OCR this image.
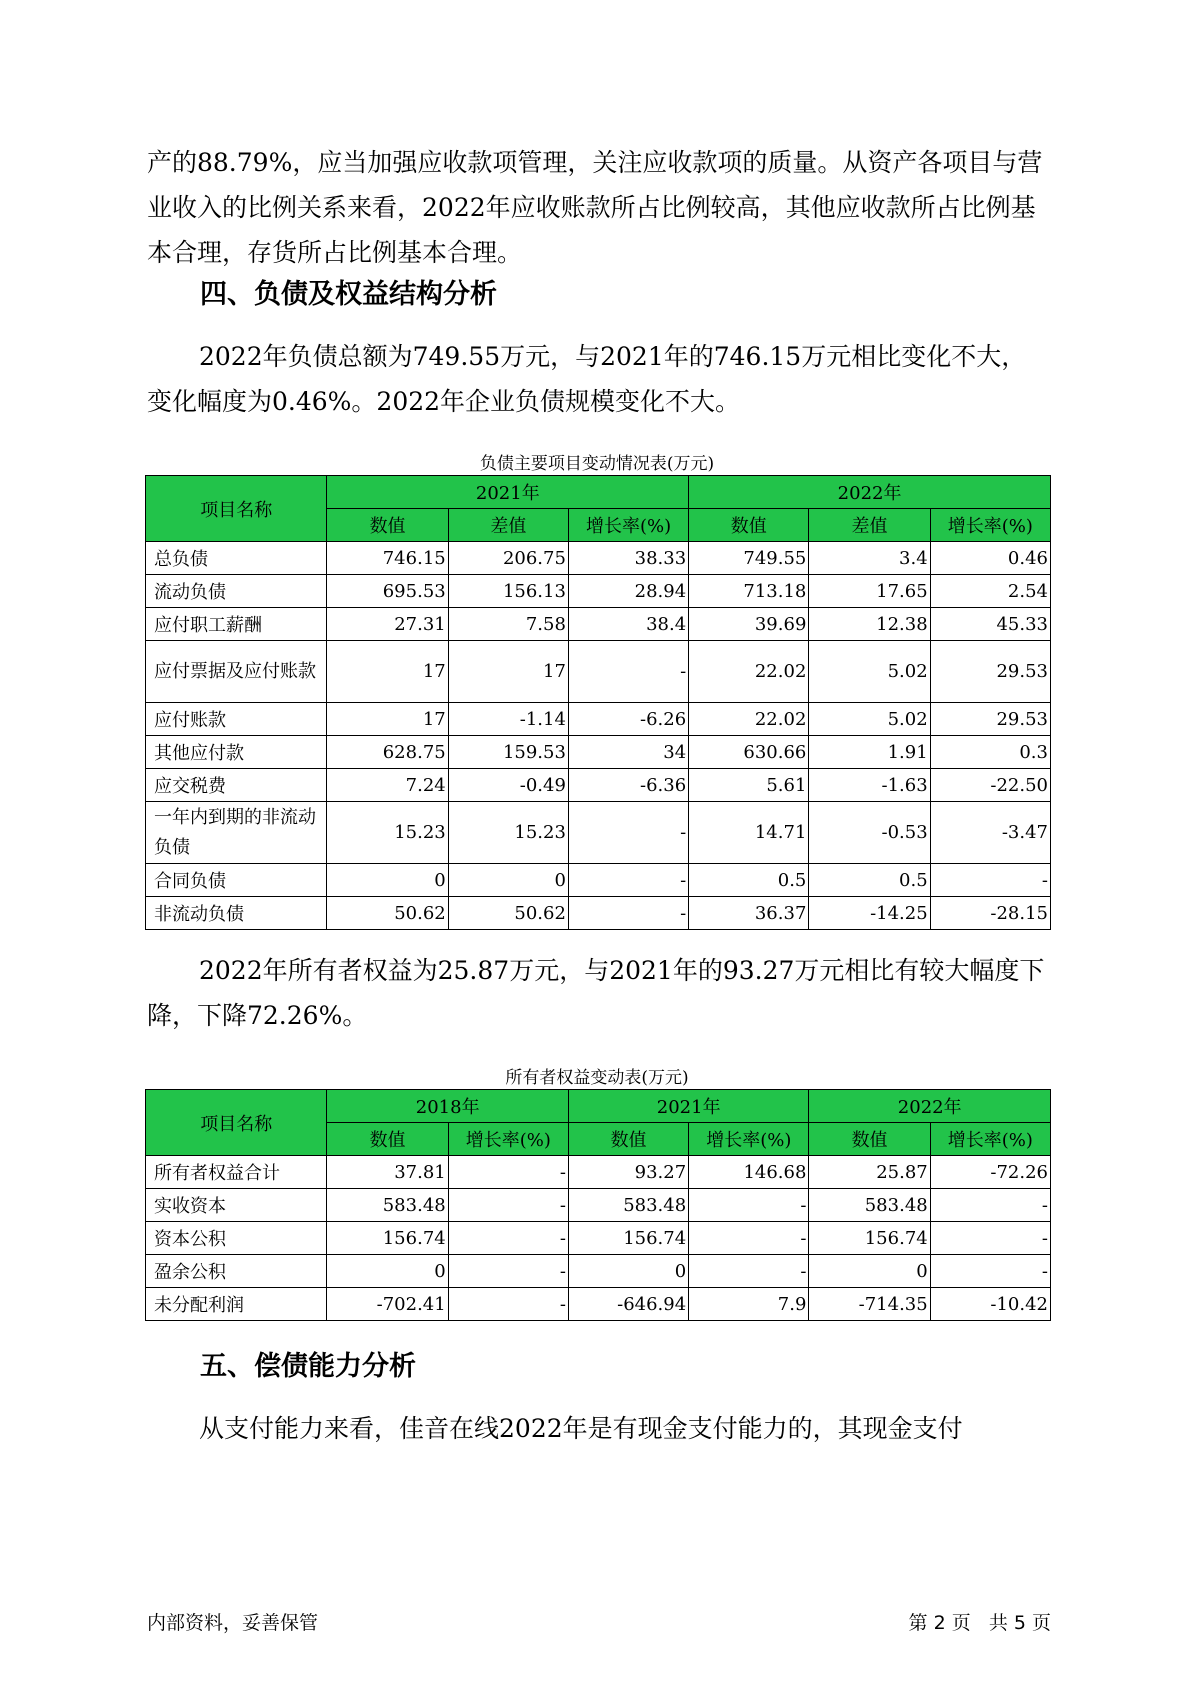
产的88.79%，应当加强应收款项管理，关注应收款项的质量。从资产各项目与营业收入的比例关系来看，2022年应收账款所占比例较高，其他应收款所占比例基本合理，存货所占比例基本合理。

四、负债及权益结构分析

2022年负债总额为749.55万元，与2021年的746.15万元相比变化不大，变化幅度为0.46%。2022年企业负债规模变化不大。

负债主要项目变动情况表(万元)
项目名称	2021年			2022年		
	数值	差值	增长率(%)	数值	差值	增长率(%)
总负债	746.15	206.75	38.33	749.55	3.4	0.46
流动负债	695.53	156.13	28.94	713.18	17.65	2.54
应付职工薪酬	27.31	7.58	38.4	39.69	12.38	45.33
应付票据及应付账款	17	17	-	22.02	5.02	29.53
应付账款	17	-1.14	-6.26	22.02	5.02	29.53
其他应付款	628.75	159.53	34	630.66	1.91	0.3
应交税费	7.24	-0.49	-6.36	5.61	-1.63	-22.50
一年内到期的非流动负债	15.23	15.23	-	14.71	-0.53	-3.47
合同负债	0	0	-	0.5	0.5	-
非流动负债	50.62	50.62	-	36.37	-14.25	-28.15

2022年所有者权益为25.87万元，与2021年的93.27万元相比有较大幅度下降，下降72.26%。

所有者权益变动表(万元)
项目名称	2018年		2021年		2022年	
	数值	增长率(%)	数值	增长率(%)	数值	增长率(%)
所有者权益合计	37.81	-	93.27	146.68	25.87	-72.26
实收资本	583.48	-	583.48	-	583.48	-
资本公积	156.74	-	156.74	-	156.74	-
盈余公积	0	-	0	-	0	-
未分配利润	-702.41	-	-646.94	7.9	-714.35	-10.42
五、偿债能力分析

从支付能力来看，佳音在线2022年是有现金支付能力的，其现金支付

内部资料，妥善保管	第 2 页   共 5 页
